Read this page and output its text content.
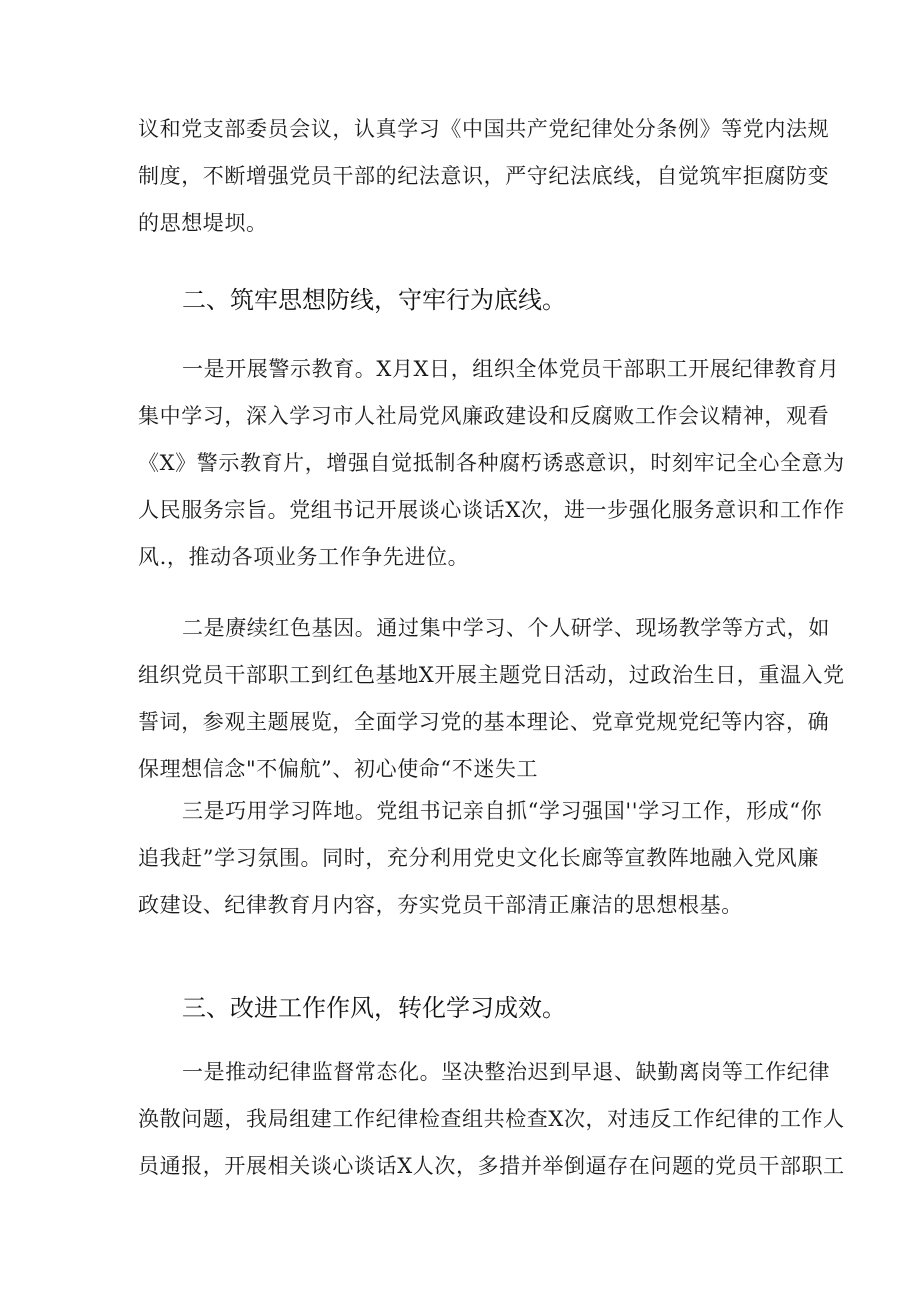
议和党支部委员会议，认真学习《中国共产党纪律处分条例》等党内法规
制度，不断增强党员干部的纪法意识，严守纪法底线，自觉筑牢拒腐防变
的思想堤坝。
二、筑牢思想防线，守牢行为底线。
一是开展警示教育。X月X日，组织全体党员干部职工开展纪律教育月
集中学习，深入学习市人社局党风廉政建设和反腐败工作会议精神，观看
《X》警示教育片，增强自觉抵制各种腐朽诱惑意识，时刻牢记全心全意为
人民服务宗旨。党组书记开展谈心谈话X次，进一步强化服务意识和工作作
风.，推动各项业务工作争先进位。
二是赓续红色基因。通过集中学习、个人研学、现场教学等方式，如
组织党员干部职工到红色基地X开展主题党日活动，过政治生日，重温入党
誓词，参观主题展览，全面学习党的基本理论、党章党规党纪等内容，确
保理想信念"不偏航”、初心使命“不迷失工
三是巧用学习阵地。党组书记亲自抓“学习强国''学习工作，形成“你
追我赶”学习氛围。同时，充分利用党史文化长廊等宣教阵地融入党风廉
政建设、纪律教育月内容，夯实党员干部清正廉洁的思想根基。
三、改进工作作风，转化学习成效。
一是推动纪律监督常态化。坚决整治迟到早退、缺勤离岗等工作纪律
涣散问题，我局组建工作纪律检查组共检查X次，对违反工作纪律的工作人
员通报，开展相关谈心谈话X人次，多措并举倒逼存在问题的党员干部职工
